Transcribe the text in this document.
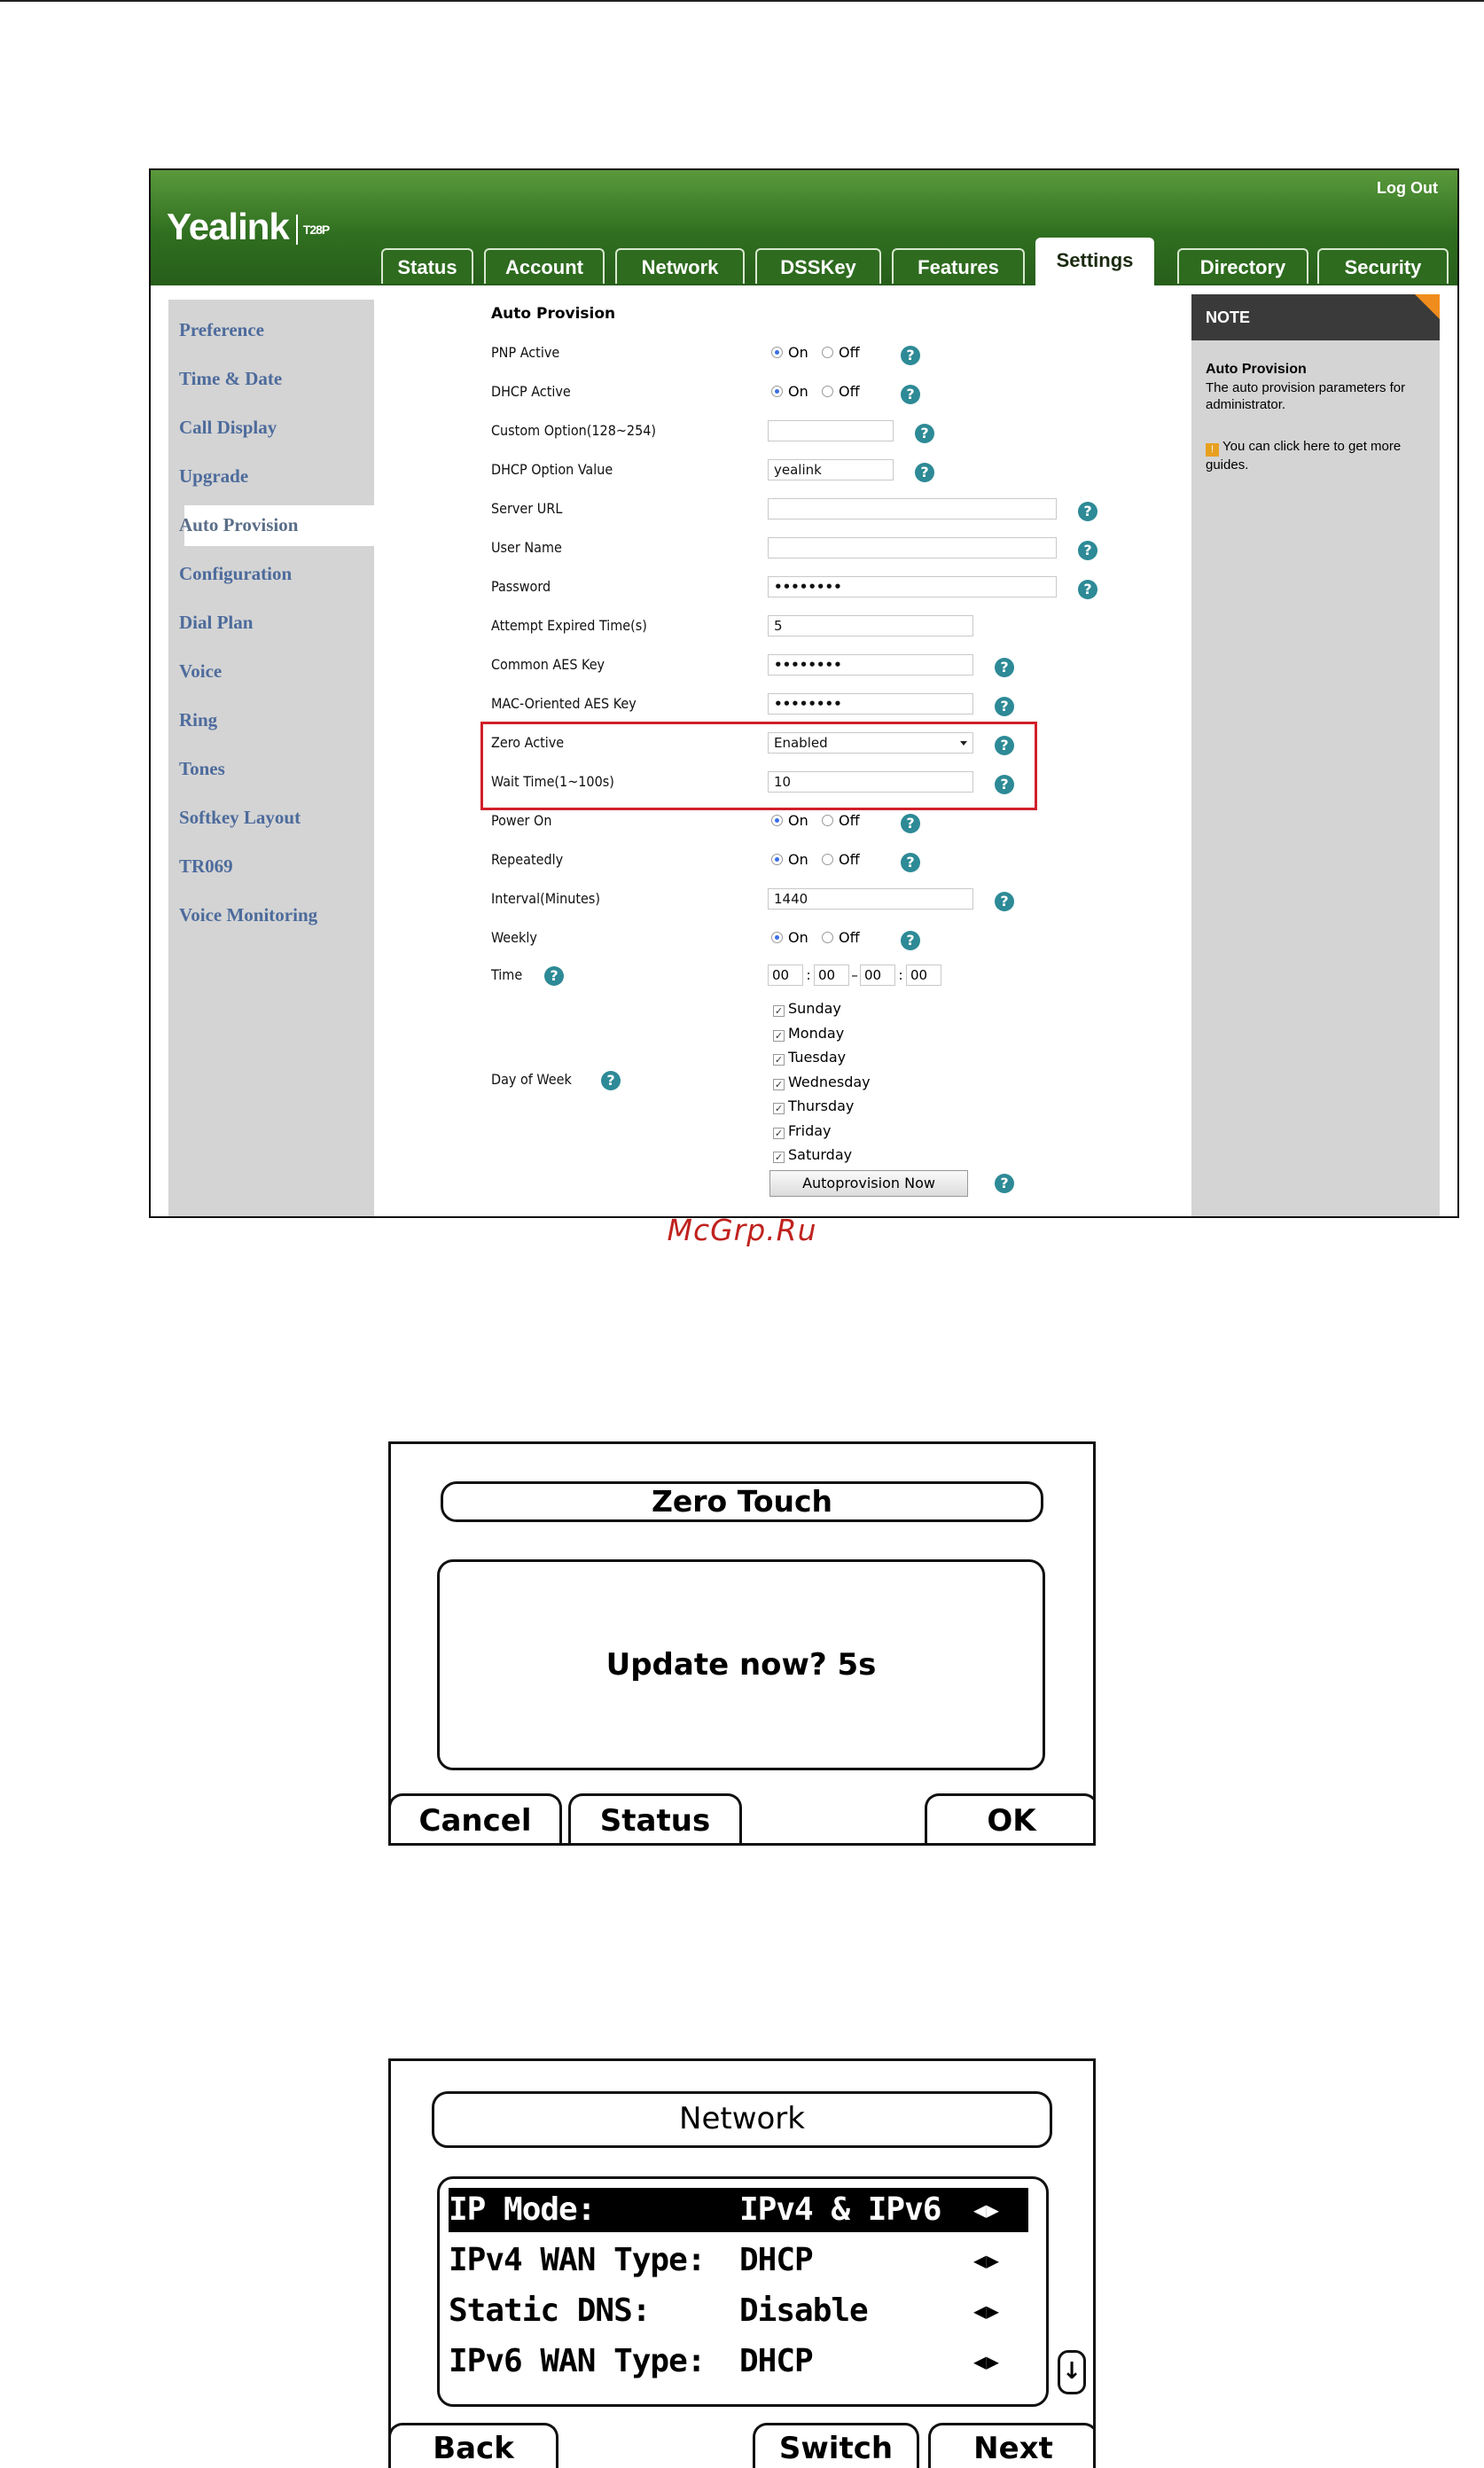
Yealink T28P
Log Out
Status	Account	Network	DSSKey	Features	Settings	Directory	Security
Preference
Time & Date
Call Display
Upgrade
Auto Provision
Configuration
Dial Plan
Voice
Ring
Tones
Softkey Layout
TR069
Voice Monitoring
Auto Provision
PNP Active	On Off	?
DHCP Active	On Off	?
Custom Option(128~254)	?
DHCP Option Value	yealink	?
Server URL	?
User Name	?
Password	••••••••	?
Attempt Expired Time(s)	5
Common AES Key	••••••••	?
MAC-Oriented AES Key	••••••••	?
Zero Active	Enabled	?
Wait Time(1~100s)	10	?
Power On	On Off	?
Repeatedly	On Off	?
Interval(Minutes)	1440	?
Weekly	On Off	?
Time	?	00 : 00 – 00 : 00
Day of Week	?
✓ Sunday
✓ Monday
✓ Tuesday
✓ Wednesday
✓ Thursday
✓ Friday
✓ Saturday
Autoprovision Now	?
NOTE
Auto Provision
The auto provision parameters for administrator.
! You can click here to get more guides.
McGrp.Ru
Zero Touch
Update now? 5s
Cancel	Status	OK
Network
IP Mode:	IPv4 & IPv6 ◀▶
IPv4 WAN Type: DHCP	◀▶
Static DNS:	Disable	◀▶
IPv6 WAN Type: DHCP	◀▶	↓
Back	Switch	Next
